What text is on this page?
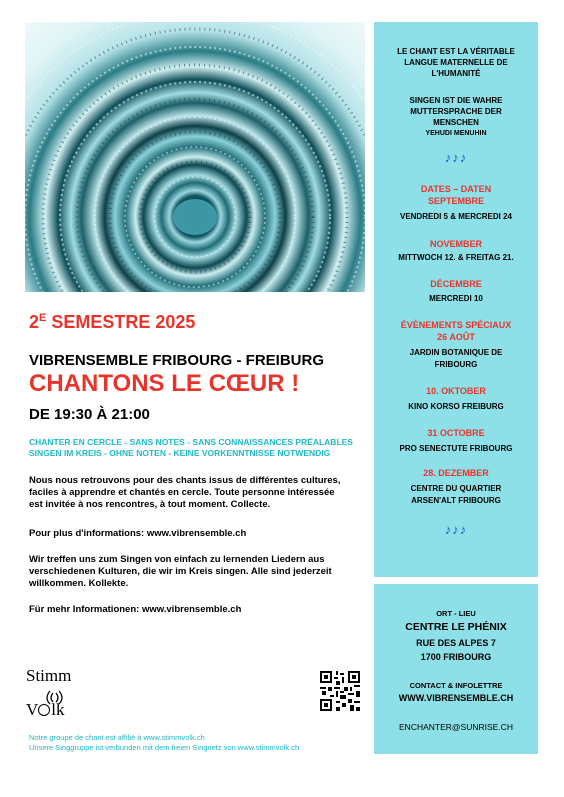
LE CHANT EST LA VÉRITABLE
LANGUE MATERNELLE DE
L'HUMANITÉ
SINGEN IST DIE WAHRE
MUTTERSPRACHE DER
MENSCHEN
YEHUDI MENUHIN
♪♪♪
DATES – DATEN
SEPTEMBRE
VENDREDI 5 & MERCREDI 24
NOVEMBER
MITTWOCH 12. & FREITAG 21.
DÉCEMBRE
MERCREDI 10
ÉVÈNEMENTS SPÉCIAUX
26 AOÛT
JARDIN BOTANIQUE DE
FRIBOURG
10. OKTOBER
KINO KORSO FREIBURG
31 OCTOBRE
PRO SENECTUTE FRIBOURG
28. DEZEMBER
CENTRE DU QUARTIER
ARSEN'ALT FRIBOURG
♪♪♪
ORT - LIEU
CENTRE LE PHÉNIX
RUE DES ALPES 7
1700 FRIBOURG
CONTACT & INFOLETTRE
WWW.VIBRENSEMBLE.CH
ENCHANTER@SUNRISE.CH
$2^E$ SEMESTRE 2025
VIBRENSEMBLE FRIBOURG - FREIBURG
CHANTONS LE CŒUR !
DE 19:30 À 21:00
CHANTER EN CERCLE - SANS NOTES - SANS CONNAISSANCES PRÉALABLES
SINGEN IM KREIS - OHNE NOTEN - KEINE VORKENNTNISSE NOTWENDIG
Nous nous retrouvons pour des chants issus de différentes cultures,
faciles à apprendre et chantés en cercle. Toute personne intéressée
est invitée à nos rencontres, à tout moment. Collecte.
Pour plus d'informations: www.vibrensemble.ch
Wir treffen uns zum Singen von einfach zu lernenden Liedern aus
verschiedenen Kulturen, die wir im Kreis singen. Alle sind jederzeit
willkommen. Kollekte.
Für mehr Informationen: www.vibrensemble.ch
Stimm
V lk
Notre groupe de chant est affilié à www.stimmvolk.ch
Unsere Singgruppe ist verbunden mit dem freien Singnetz von www.stimmvolk.ch
